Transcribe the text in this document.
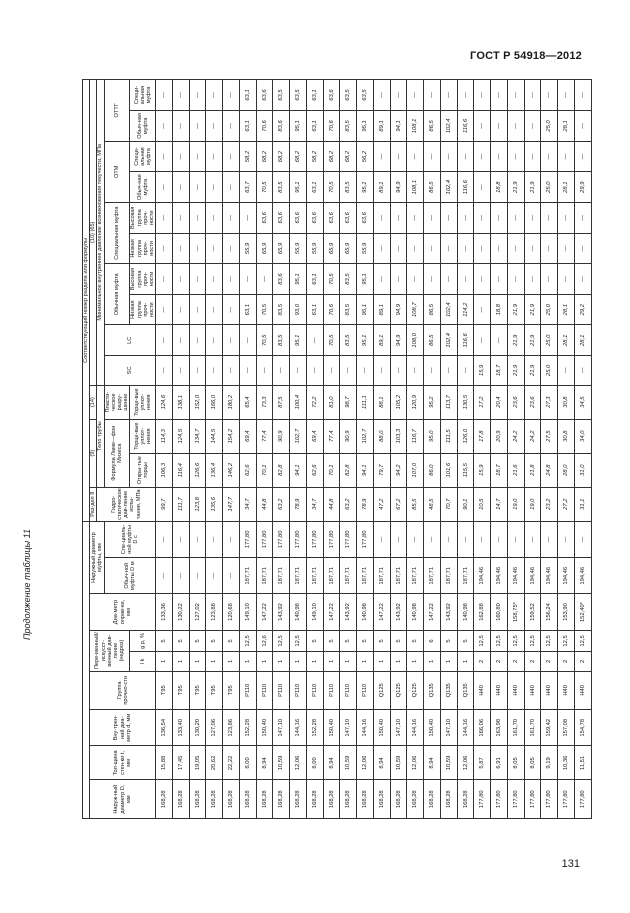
ГОСТ Р 54918—2012
Продолжение таблицы 11
									Соответствующий номер раздела или формулы													
Наруж-ный диаметр D, мм	Тол-щина стен-ки t, мм	Вну-трен-ний диа-метр d, мм	Группа прочно-сти	Пере-менный/ искусст-венный дав-ление (недроз)		Диа-метр оправ-ки, мм	Наружный диаметр муфты, мм		Раз-дел 8	(9)		(14)	(10) (65)									
									Гидро-статическое дав-ление испы-тания, МПа	Тело трубы			Минимальное внутреннее давление возникновения текучести, МПа									
							Обыч-ной муфты D м	Спе-циаль-ной муфты D с		Формула Ламе—фон Мизеса		Пласти-ческое разру-шение	SC	LC	Обычная муфта		Специальная муфта		ОТМ		ОТТГ	
				l k	g p, %					Откры-тые торцы	Торце-вые уплот-нения	Торце-вые уплот-нения			Низкая группа проч-ности	Высокая группа проч-ности	Низкая группа проч-ности	Высокая группа проч-ности	Обыч-ная муфта	Специ-альная муфта	Обыч-ная муфта	Специ-альная муфта
168,28	15,88	136,54	T95	1	5	133,36	—	—	99,7	106,3	114,3	124,6	—	—	—	—	—	—	—	—	—	—
168,28	17,45	133,40	T95	1	5	130,22	—	—	111,7	116,4	124,5	138,1	—	—	—	—	—	—	—	—	—	—
168,28	19,05	130,20	T95	1	5	127,02	—	—	123,8	126,6	134,7	152,0	—	—	—	—	—	—	—	—	—	—
168,28	20,62	127,06	T95	1	5	123,88	—	—	135,6	136,4	144,5	166,0	—	—	—	—	—	—	—	—	—	—
168,28	22,22	123,86	T95	1	5	120,68	—	—	147,7	146,2	154,2	180,2	—	—	—	—	—	—	—	—	—	—
168,28	8,00	152,28	P110	1	12,5	149,10	187,71	177,80	34,7	62,6	69,4	65,4	—	—	63,1	—	55,9	—	63,7	58,2	63,1	63,1
168,28	8,94	150,40	P110	1	12,6	147,22	187,71	177,80	44,8	70,1	77,4	73,3	—	70,5	70,5	—	65,9	63,6	70,5	68,2	70,6	63,6
168,28	10,59	147,10	P110	1	12,5	143,92	187,71	177,80	63,2	82,8	90,9	87,5	—	83,5	83,5	83,6	65,9	63,6	83,5	68,2	83,6	63,5
168,28	12,06	144,16	P110	1	12,5	140,98	187,71	177,80	78,9	94,1	102,7	100,4	—	95,1	93,0	95,1	55,9	63,6	95,1	68,2	95,1	63,5
168,28	8,00	152,28	P110	1	5	149,10	187,71	177,80	34,7	62,6	69,4	72,2	—	—	63,1	63,1	55,9	63,6	63,1	58,2	63,1	63,1
168,28	8,94	150,40	P110	1	5	147,22	187,71	177,80	44,8	70,1	77,4	81,0	—	70,5	70,6	70,5	65,9	63,6	70,5	68,2	70,6	63,6
168,28	10,59	147,10	P110	1	5	143,92	187,71	177,80	63,2	82,8	90,9	98,7	—	83,5	83,5	83,5	65,9	63,6	83,5	68,2	83,5	63,5
168,28	12,06	144,16	P110	1	5	140,98	187,71	177,80	78,9	94,1	102,7	111,1	—	95,1	95,1	95,1	55,9	63,6	95,1	56,2	95,1	63,5
168,28	8,94	150,40	Q125	1	5	147,22	187,71	—	47,2	79,7	88,0	88,1	—	89,1	89,1	—	—	—	89,1	—	89,1	—
168,28	10,59	147,10	Q125	1	5	143,92	187,71	—	67,2	94,2	103,3	105,2	—	94,9	94,9	—	—	—	94,9	—	94,1	—
168,28	12,06	144,16	Q125	1	5	140,98	187,71	—	85,5	107,0	116,7	120,9	—	108,0	108,7	—	—	—	108,1	—	108,1	—
168,28	8,94	150,40	Q135	1	6	147,22	187,71	—	48,5	86,0	95,0	95,2	—	86,5	86,5	—	—	—	86,5	—	86,5	—
168,28	10,59	147,10	Q135	1	5	143,92	187,71	—	70,7	101,6	111,5	113,7	—	102,4	102,4	—	—	—	102,4	—	102,4	—
168,28	12,06	144,16	Q135	1	5	140,98	187,71	—	90,1	115,5	126,0	130,5	—	116,6	114,2	—	—	—	116,6	—	116,6	—
177,80	5,87	166,06	H40	2	12,5	162,88	194,46	—	10,5	15,9	17,8	17,2	15,9	—	—	—	—	—	—	—	—	—
177,80	6,91	163,98	H40	2	12,5	160,80	194,46	—	14,7	18,7	20,9	20,4	18,7	—	18,8	—	—	—	18,8	—	—	—
177,80	8,05	161,70	H40	2	12,5	158,75*	194,46	—	19,0	21,6	24,2	23,6	21,9	21,9	21,9	—	—	—	21,9	—	—	—
177,80	8,05	161,70	H40	2	12,5	159,52	194,46	—	19,0	21,8	24,2	23,6	21,9	21,9	21,9	—	—	—	21,9	—	—	—
177,80	9,19	159,42	H40	2	12,5	156,24	194,46	—	23,2	24,8	27,5	27,3	25,0	25,0	25,0	—	—	—	25,0	—	25,0	—
177,80	10,36	157,08	H40	2	12,5	153,90	194,46	—	27,2	28,0	30,8	30,8	—	28,1	28,1	—	—	—	28,1	—	28,1	—
177,80	11,51	154,78	H40	2	12,5	152,40*	194,46	—	31,1	31,0	34,0	34,5	—	28,1	29,2	—	—	—	29,9	—	—	—
131
